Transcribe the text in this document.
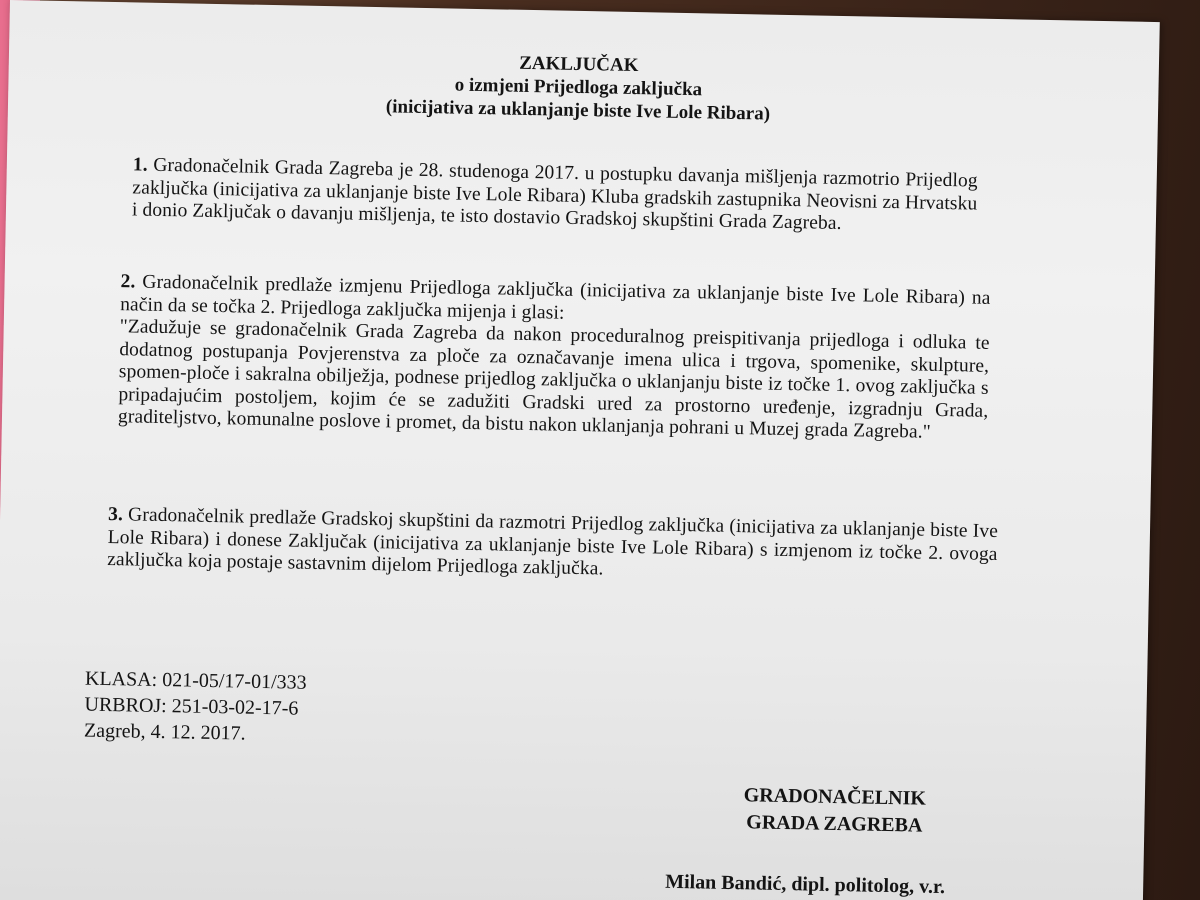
ZAKLJUČAK
o izmjeni Prijedloga zaključka
(inicijativa za uklanjanje biste Ive Lole Ribara)
1. Gradonačelnik Grada Zagreba je 28. studenoga 2017. u postupku davanja mišljenja razmotrio Prijedlog zaključka (inicijativa za uklanjanje biste Ive Lole Ribara) Kluba gradskih zastupnika Neovisni za Hrvatsku i donio Zaključak o davanju mišljenja, te isto dostavio Gradskoj skupštini Grada Zagreba.
2. Gradonačelnik predlaže izmjenu Prijedloga zaključka (inicijativa za uklanjanje biste Ive Lole Ribara) na način da se točka 2. Prijedloga zaključka mijenja i glasi:
"Zadužuje se gradonačelnik Grada Zagreba da nakon proceduralnog preispitivanja prijedloga i odluka te dodatnog postupanja Povjerenstva za ploče za označavanje imena ulica i trgova, spomenike, skulpture, spomen-ploče i sakralna obilježja, podnese prijedlog zaključka o uklanjanju biste iz točke 1. ovog zaključka s pripadajućim postoljem, kojim će se zadužiti Gradski ured za prostorno uređenje, izgradnju Grada, graditeljstvo, komunalne poslove i promet, da bistu nakon uklanjanja pohrani u Muzej grada Zagreba."
3. Gradonačelnik predlaže Gradskoj skupštini da razmotri Prijedlog zaključka (inicijativa za uklanjanje biste Ive Lole Ribara) i donese Zaključak (inicijativa za uklanjanje biste Ive Lole Ribara) s izmjenom iz točke 2. ovoga zaključka koja postaje sastavnim dijelom Prijedloga zaključka.
KLASA: 021-05/17-01/333
URBROJ: 251-03-02-17-6
Zagreb, 4. 12. 2017.
GRADONAČELNIK
GRADA ZAGREBA
Milan Bandić, dipl. politolog, v.r.
